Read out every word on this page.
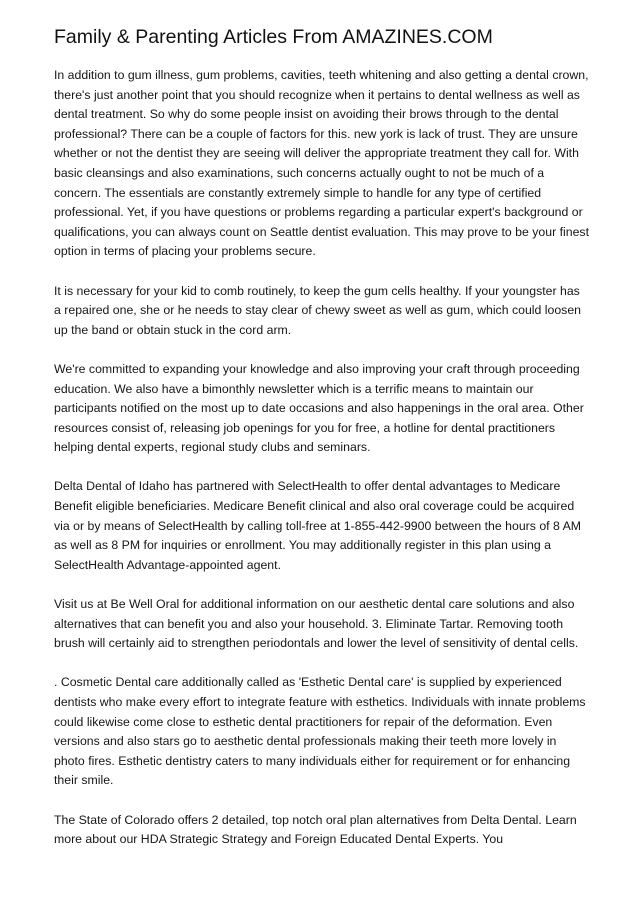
Family & Parenting Articles From AMAZINES.COM

In addition to gum illness, gum problems, cavities, teeth whitening and also getting a dental crown, there's just another point that you should recognize when it pertains to dental wellness as well as dental treatment. So why do some people insist on avoiding their brows through to the dental professional? There can be a couple of factors for this. new york is lack of trust. They are unsure whether or not the dentist they are seeing will deliver the appropriate treatment they call for. With basic cleansings and also examinations, such concerns actually ought to not be much of a concern. The essentials are constantly extremely simple to handle for any type of certified professional. Yet, if you have questions or problems regarding a particular expert's background or qualifications, you can always count on Seattle dentist evaluation. This may prove to be your finest option in terms of placing your problems secure.

It is necessary for your kid to comb routinely, to keep the gum cells healthy. If your youngster has a repaired one, she or he needs to stay clear of chewy sweet as well as gum, which could loosen up the band or obtain stuck in the cord arm.

We're committed to expanding your knowledge and also improving your craft through proceeding education. We also have a bimonthly newsletter which is a terrific means to maintain our participants notified on the most up to date occasions and also happenings in the oral area. Other resources consist of, releasing job openings for you for free, a hotline for dental practitioners helping dental experts, regional study clubs and seminars.

Delta Dental of Idaho has partnered with SelectHealth to offer dental advantages to Medicare Benefit eligible beneficiaries. Medicare Benefit clinical and also oral coverage could be acquired via or by means of SelectHealth by calling toll-free at 1-855-442-9900 between the hours of 8 AM as well as 8 PM for inquiries or enrollment. You may additionally register in this plan using a SelectHealth Advantage-appointed agent.

Visit us at Be Well Oral for additional information on our aesthetic dental care solutions and also alternatives that can benefit you and also your household. 3. Eliminate Tartar. Removing tooth brush will certainly aid to strengthen periodontals and lower the level of sensitivity of dental cells.

. Cosmetic Dental care additionally called as 'Esthetic Dental care' is supplied by experienced dentists who make every effort to integrate feature with esthetics. Individuals with innate problems could likewise come close to esthetic dental practitioners for repair of the deformation. Even versions and also stars go to aesthetic dental professionals making their teeth more lovely in photo fires. Esthetic dentistry caters to many individuals either for requirement or for enhancing their smile.

The State of Colorado offers 2 detailed, top notch oral plan alternatives from Delta Dental. Learn more about our HDA Strategic Strategy and Foreign Educated Dental Experts. You
